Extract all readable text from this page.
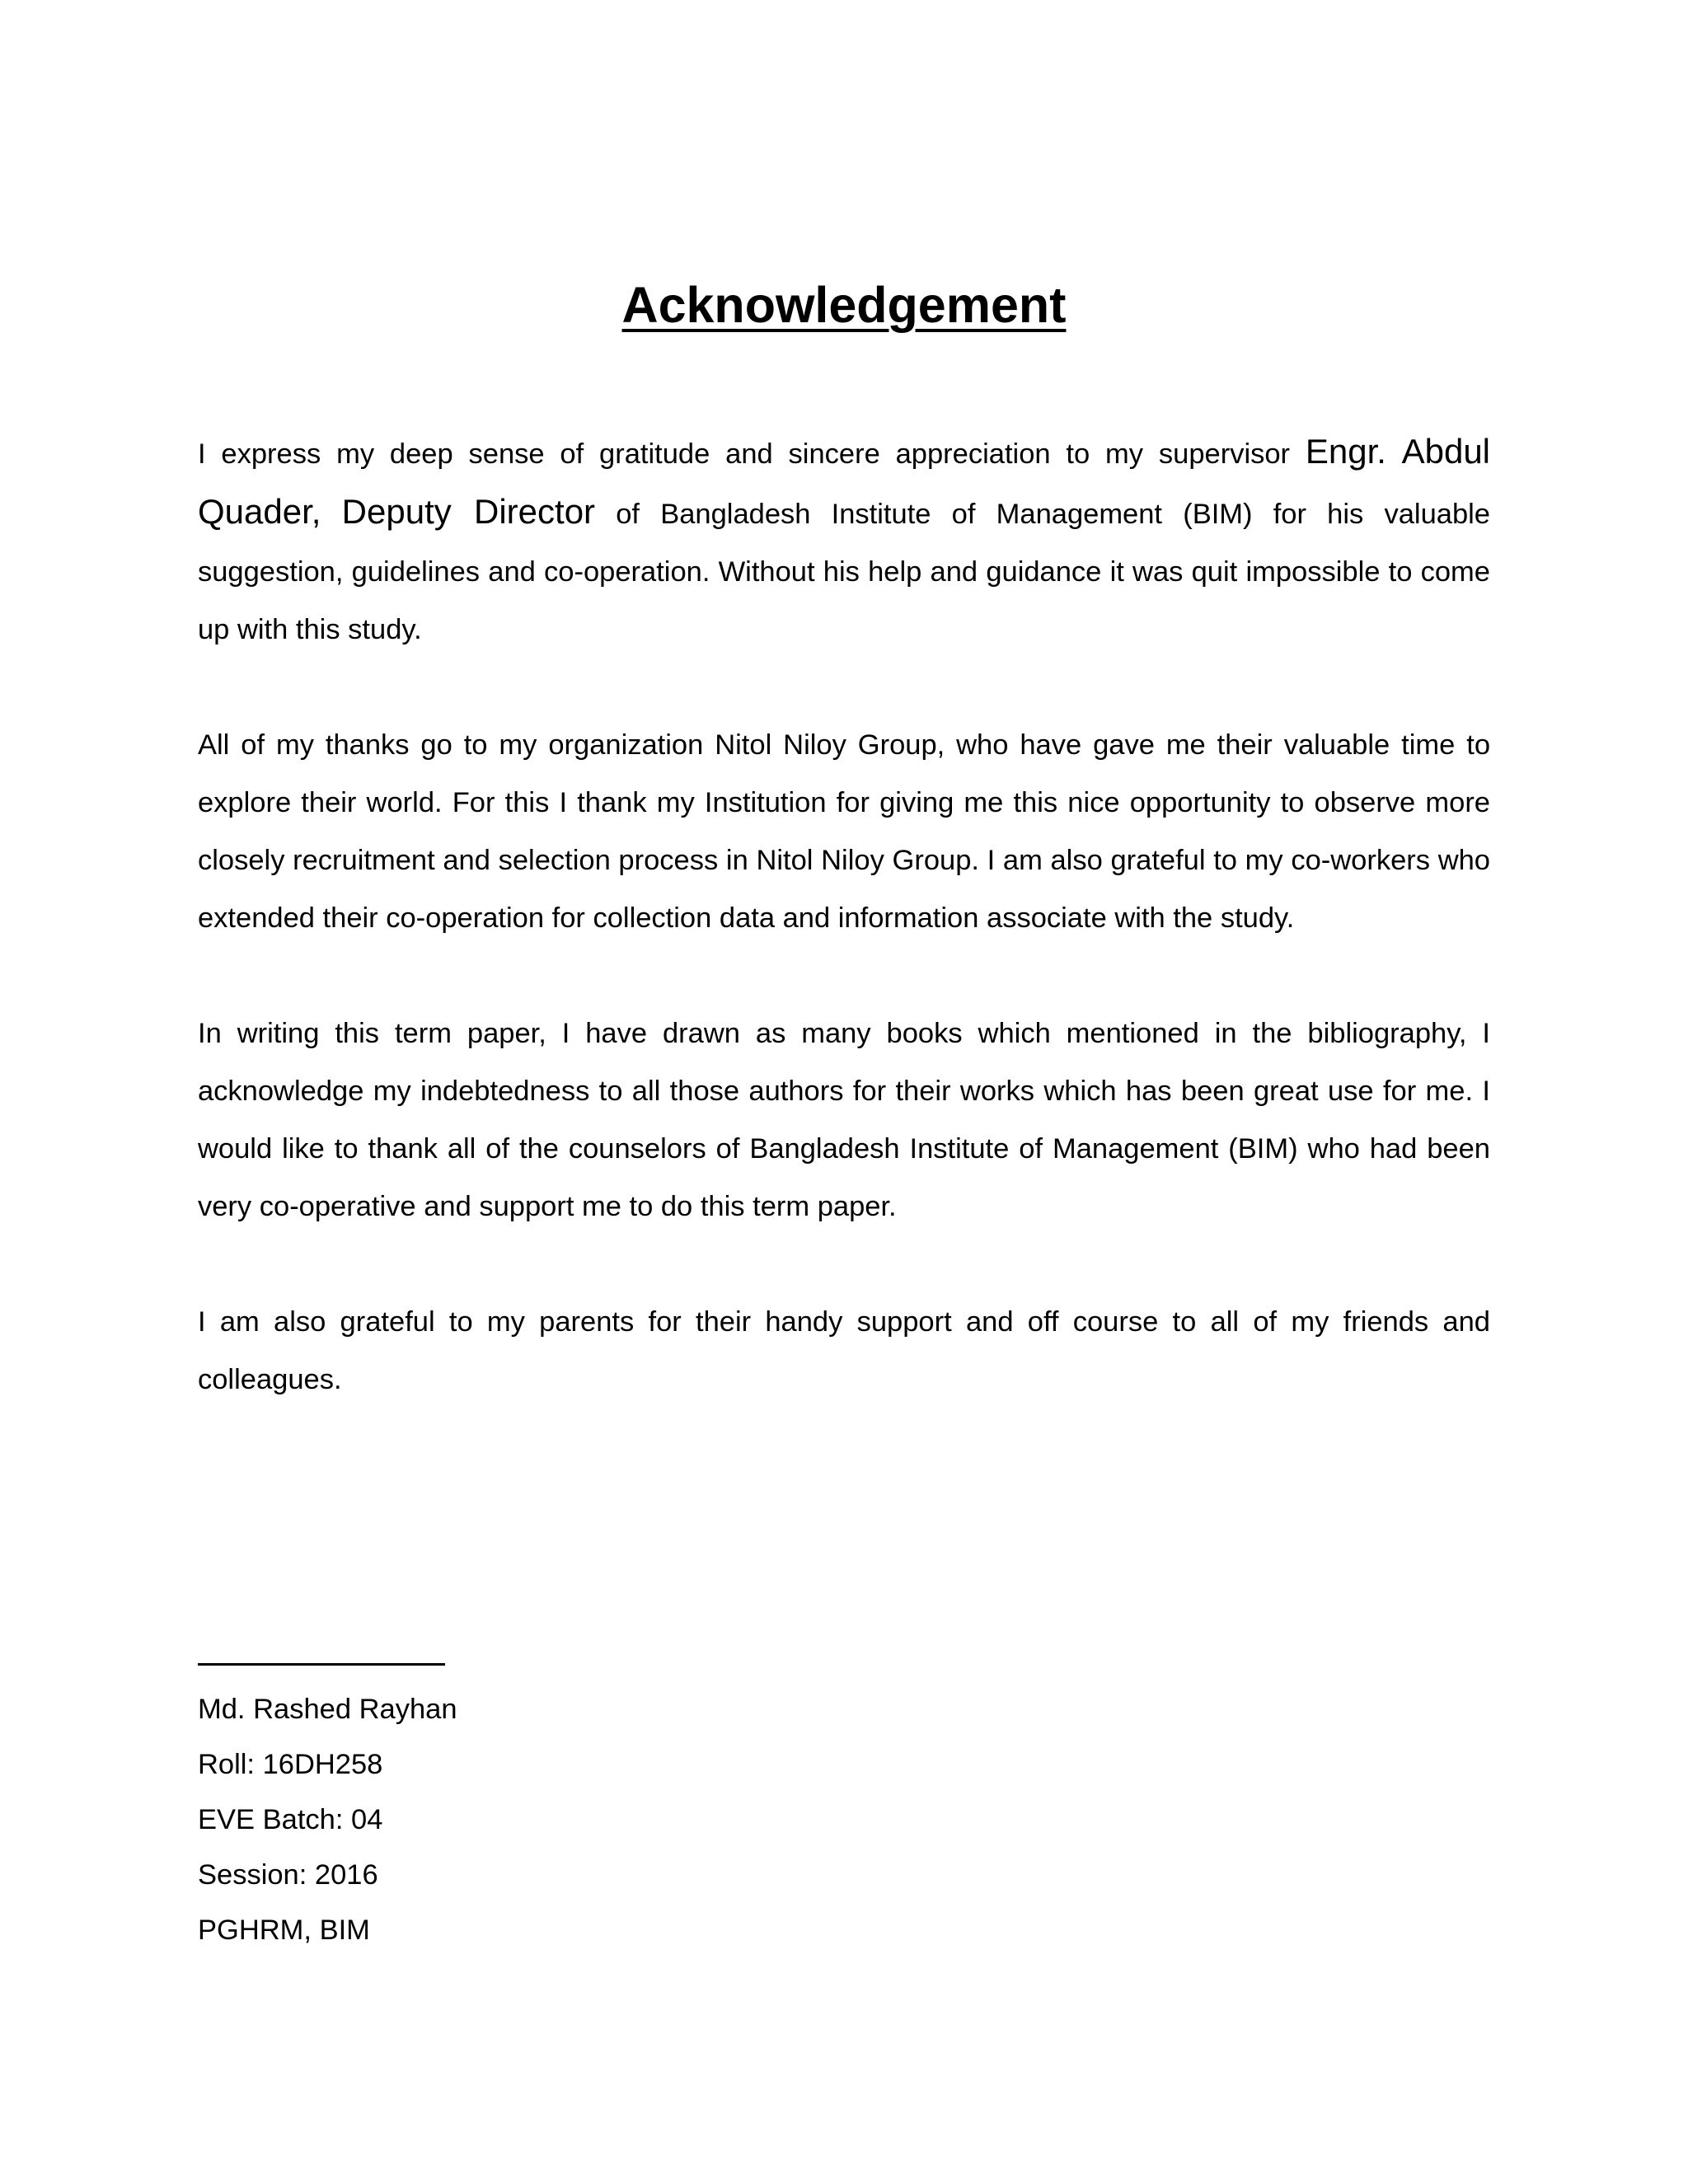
Acknowledgement

I express my deep sense of gratitude and sincere appreciation to my supervisor Engr. Abdul Quader, Deputy Director of Bangladesh Institute of Management (BIM) for his valuable suggestion, guidelines and co-operation. Without his help and guidance it was quit impossible to come up with this study.

All of my thanks go to my organization Nitol Niloy Group, who have gave me their valuable time to explore their world. For this I thank my Institution for giving me this nice opportunity to observe more closely recruitment and selection process in Nitol Niloy Group. I am also grateful to my co-workers who extended their co-operation for collection data and information associate with the study.

In writing this term paper, I have drawn as many books which mentioned in the bibliography, I acknowledge my indebtedness to all those authors for their works which has been great use for me. I would like to thank all of the counselors of Bangladesh Institute of Management (BIM) who had been very co-operative and support me to do this term paper.

I am also grateful to my parents for their handy support and off course to all of my friends and colleagues.

Md. Rashed Rayhan
Roll: 16DH258
EVE Batch: 04
Session: 2016
PGHRM, BIM
